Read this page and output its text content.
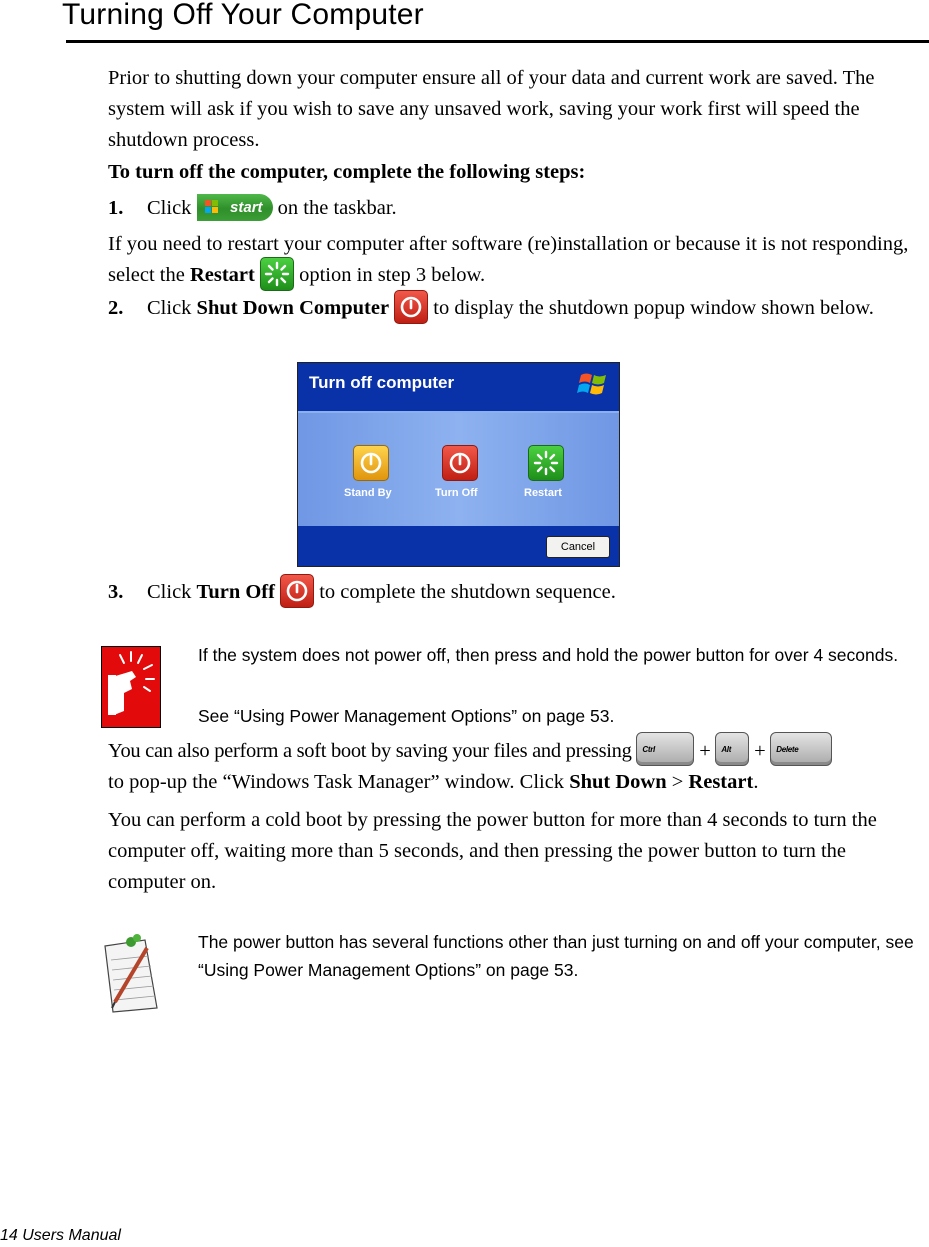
Turning Off Your Computer
Prior to shutting down your computer ensure all of your data and current work are saved. The system will ask if you wish to save any unsaved work, saving your work first will speed the shutdown process.
To turn off the computer, complete the following steps:
1. Click	start on the taskbar.
If you need to restart your computer after software (re)installation or because it is not responding, select the Restart option in step 3 below.
2. Click Shut Down Computer to display the shutdown popup window shown below.
Turn off computer
Stand By	Turn Off	Restart
Cancel
3. Click Turn Off to complete the shutdown sequence.
If the system does not power off, then press and hold the power button for over 4 seconds.
See “Using Power Management Options” on page 53.
You can also perform a soft boot by saving your files and pressing Ctrl + Alt + Delete
to pop-up the “Windows Task Manager” window. Click Shut Down > Restart.
You can perform a cold boot by pressing the power button for more than 4 seconds to turn the computer off, waiting more than 5 seconds, and then pressing the power button to turn the computer on.
The power button has several functions other than just turning on and off your computer, see “Using Power Management Options” on page 53.
14 Users Manual
